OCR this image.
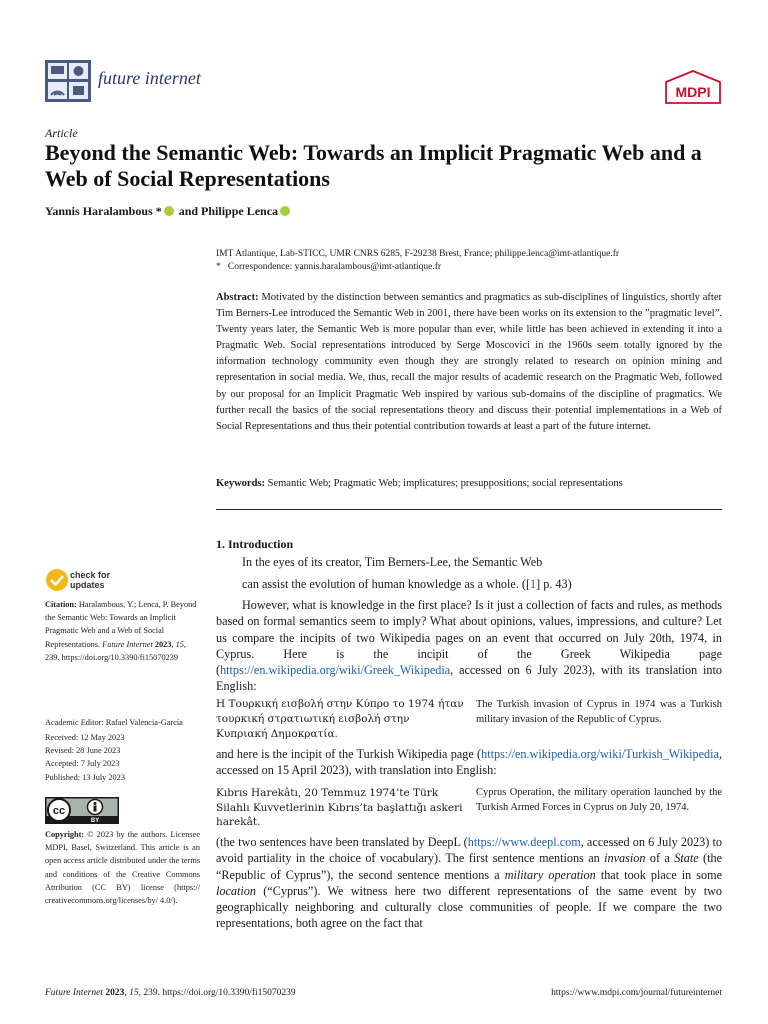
future internet
MDPI
Article
Beyond the Semantic Web: Towards an Implicit Pragmatic Web and a Web of Social Representations
Yannis Haralambous * and Philippe Lenca
IMT Atlantique, Lab-STICC, UMR CNRS 6285, F-29238 Brest, France; philippe.lenca@imt-atlantique.fr
* Correspondence: yannis.haralambous@imt-atlantique.fr
Abstract: Motivated by the distinction between semantics and pragmatics as sub-disciplines of linguistics, shortly after Tim Berners-Lee introduced the Semantic Web in 2001, there have been works on its extension to the ”pragmatic level”. Twenty years later, the Semantic Web is more popular than ever, while little has been achieved in extending it into a Pragmatic Web. Social representations introduced by Serge Moscovici in the 1960s seem totally ignored by the information technology community even though they are strongly related to research on opinion mining and representation in social media. We, thus, recall the major results of academic research on the Pragmatic Web, followed by our proposal for an Implicit Pragmatic Web inspired by various sub-domains of the discipline of pragmatics. We further recall the basics of the social representations theory and discuss their potential implementations in a Web of Social Representations and thus their potential contribution towards at least a part of the future internet.
Keywords: Semantic Web; Pragmatic Web; implicatures; presuppositions; social representations
check for
updates
Citation: Haralambous, Y.; Lenca, P. Beyond the Semantic Web: Towards an Implicit Pragmatic Web and a Web of Social Representations. Future Internet 2023, 15, 239. https://doi.org/10.3390/fi15070239
Academic Editor: Rafael Valencia-García
Received: 12 May 2023
Revised: 28 June 2023
Accepted: 7 July 2023
Published: 13 July 2023
cc
BY
Copyright: © 2023 by the authors. Licensee MDPI, Basel, Switzerland. This article is an open access article distributed under the terms and conditions of the Creative Commons Attribution (CC BY) license (https:// creativecommons.org/licenses/by/ 4.0/).
1. Introduction
In the eyes of its creator, Tim Berners-Lee, the Semantic Web
can assist the evolution of human knowledge as a whole. ([1] p. 43)
However, what is knowledge in the first place? Is it just a collection of facts and rules, as methods based on formal semantics seem to imply? What about opinions, values, impressions, and culture? Let us compare the incipits of two Wikipedia pages on an event that occurred on July 20th, 1974, in Cyprus. Here is the incipit of the Greek Wikipedia page (https://en.wikipedia.org/wiki/Greek_Wikipedia, accessed on 6 July 2023), with its translation into English:
Η Τουρκική εισβολή στην Κύπρο το 1974 ήταν τουρκική στρατιωτική εισβολή στην Κυπριακή Δημοκρατία.
The Turkish invasion of Cyprus in 1974 was a Turkish military invasion of the Republic of Cyprus.
and here is the incipit of the Turkish Wikipedia page (https://en.wikipedia.org/wiki/Turkish_Wikipedia, accessed on 15 April 2023), with translation into English:
Kıbrıs Harekâtı, 20 Temmuz 1974’te Türk Silahlı Kuvvetlerinin Kıbrıs’ta başlattığı askeri harekât.
Cyprus Operation, the military operation launched by the Turkish Armed Forces in Cyprus on July 20, 1974.
(the two sentences have been translated by DeepL (https://www.deepl.com, accessed on 6 July 2023) to avoid partiality in the choice of vocabulary). The first sentence mentions an invasion of a State (the “Republic of Cyprus”), the second sentence mentions a military operation that took place in some location (“Cyprus”). We witness here two different representations of the same event by two geographically neighboring and culturally close communities of people. If we compare the two representations, both agree on the fact that
Future Internet 2023, 15, 239. https://doi.org/10.3390/fi15070239	https://www.mdpi.com/journal/futureinternet
